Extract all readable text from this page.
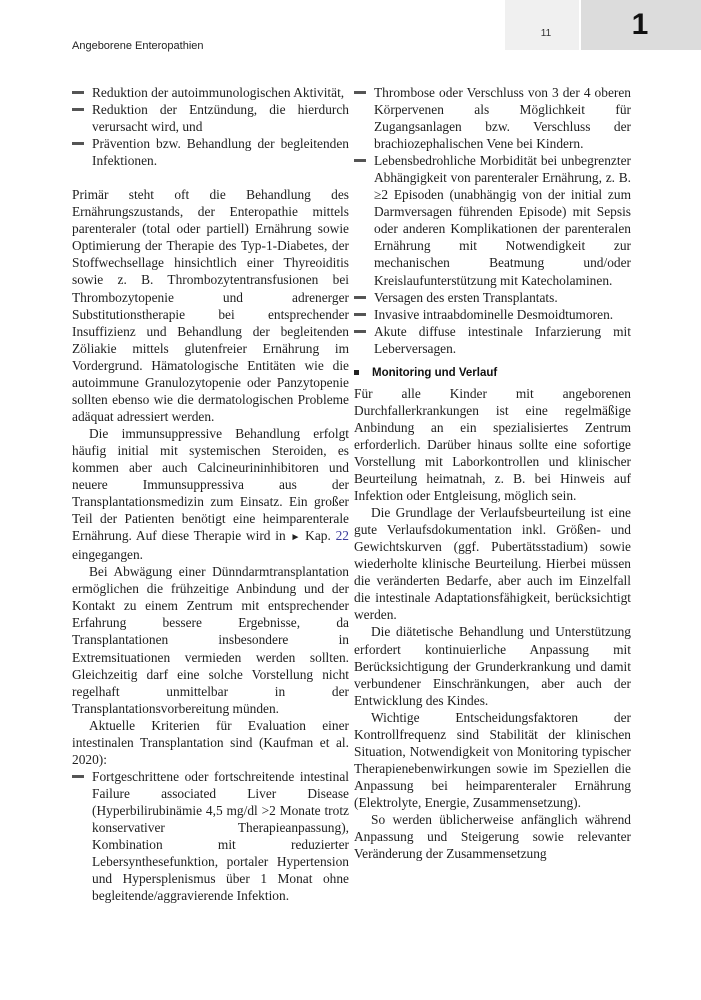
11	1
Angeborene Enteropathien
Reduktion der autoimmunologischen Aktivität,
Reduktion der Entzündung, die hierdurch verursacht wird, und
Prävention bzw. Behandlung der begleitenden Infektionen.

Primär steht oft die Behandlung des Ernährungszustands, der Enteropathie mittels parenteraler (total oder partiell) Ernährung sowie Optimierung der Therapie des Typ-1-Diabetes, der Stoffwechsellage hinsichtlich einer Thyreoiditis sowie z. B. Thrombozytentransfusionen bei Thrombozytopenie und adrenerger Substitutionstherapie bei entsprechender Insuffizienz und Behandlung der begleitenden Zöliakie mittels glutenfreier Ernährung im Vordergrund. Hämatologische Entitäten wie die autoimmune Granulozytopenie oder Panzytopenie sollten ebenso wie die dermatologischen Probleme adäquat adressiert werden.

Die immunsuppressive Behandlung erfolgt häufig initial mit systemischen Steroiden, es kommen aber auch Calcineurininhibitoren und neuere Immunsuppressiva aus der Transplantationsmedizin zum Einsatz. Ein großer Teil der Patienten benötigt eine heimparenterale Ernährung. Auf diese Therapie wird in ► Kap. 22 eingegangen.

Bei Abwägung einer Dünndarmtransplantation ermöglichen die frühzeitige Anbindung und der Kontakt zu einem Zentrum mit entsprechender Erfahrung bessere Ergebnisse, da Transplantationen insbesondere in Extremsituationen vermieden werden sollten. Gleichzeitig darf eine solche Vorstellung nicht regelhaft unmittelbar in der Transplantationsvorbereitung münden.

Aktuelle Kriterien für Evaluation einer intestinalen Transplantation sind (Kaufman et al. 2020):

Fortgeschrittene oder fortschreitende intestinal Failure associated Liver Disease (Hyperbilirubinämie 4,5 mg/dl >2 Monate trotz konservativer Therapieanpassung), Kombination mit reduzierter Lebersynthesefunktion, portaler Hypertension und Hypersplenismus über 1 Monat ohne begleitende/aggravierende Infektion.
Thrombose oder Verschluss von 3 der 4 oberen Körpervenen als Möglichkeit für Zugangsanlagen bzw. Verschluss der brachiozephalischen Vene bei Kindern.
Lebensbedrohliche Morbidität bei unbegrenzter Abhängigkeit von parenteraler Ernährung, z. B. ≥2 Episoden (unabhängig von der initial zum Darmversagen führenden Episode) mit Sepsis oder anderen Komplikationen der parenteralen Ernährung mit Notwendigkeit zur mechanischen Beatmung und/oder Kreislaufunterstützung mit Katecholaminen.
Versagen des ersten Transplantats.
Invasive intraabdominelle Desmoidtumoren.
Akute diffuse intestinale Infarzierung mit Leberversagen.
Monitoring und Verlauf

Für alle Kinder mit angeborenen Durchfallerkrankungen ist eine regelmäßige Anbindung an ein spezialisiertes Zentrum erforderlich. Darüber hinaus sollte eine sofortige Vorstellung mit Laborkontrollen und klinischer Beurteilung heimatnah, z. B. bei Hinweis auf Infektion oder Entgleisung, möglich sein.

Die Grundlage der Verlaufsbeurteilung ist eine gute Verlaufsdokumentation inkl. Größen- und Gewichtskurven (ggf. Pubertätsstadium) sowie wiederholte klinische Beurteilung. Hierbei müssen die veränderten Bedarfe, aber auch im Einzelfall die intestinale Adaptationsfähigkeit, berücksichtigt werden.

Die diätetische Behandlung und Unterstützung erfordert kontinuierliche Anpassung mit Berücksichtigung der Grunderkrankung und damit verbundener Einschränkungen, aber auch der Entwicklung des Kindes.

Wichtige Entscheidungsfaktoren der Kontrollfrequenz sind Stabilität der klinischen Situation, Notwendigkeit von Monitoring typischer Therapienebenwirkungen sowie im Speziellen die Anpassung bei heimparenteraler Ernährung (Elektrolyte, Energie, Zusammensetzung).

So werden üblicherweise anfänglich während Anpassung und Steigerung sowie relevanter Veränderung der Zusammensetzung
